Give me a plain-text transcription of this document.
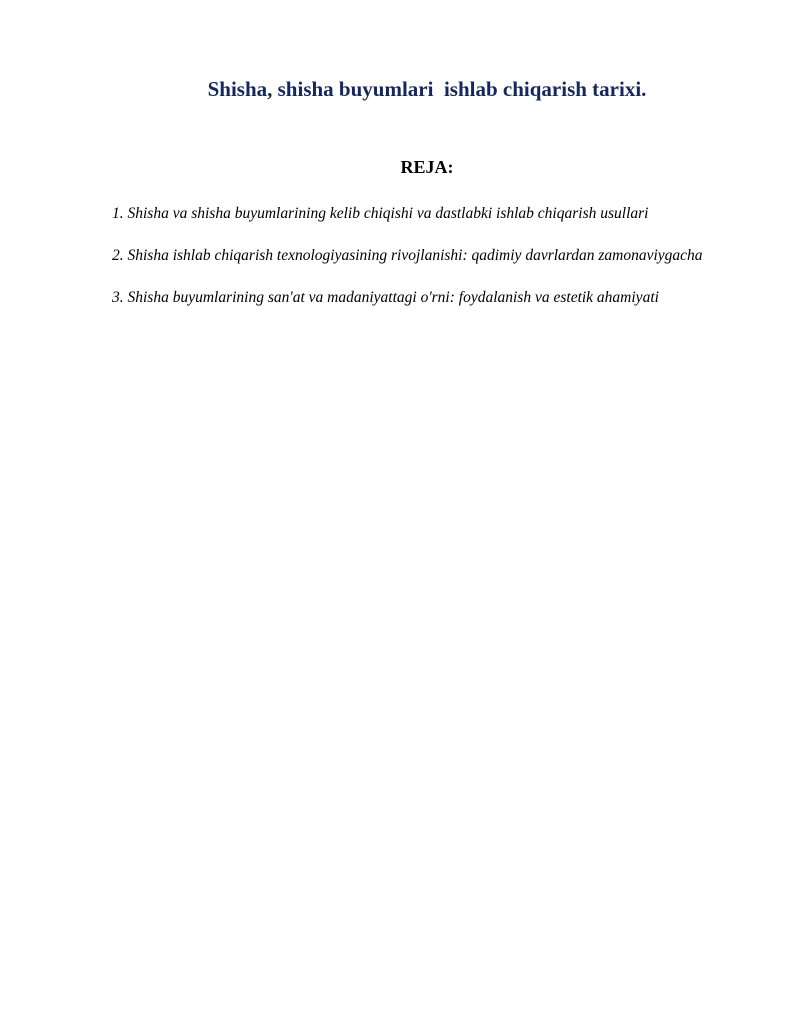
Shisha, shisha buyumlari  ishlab chiqarish tarixi.
REJA:
1. Shisha va shisha buyumlarining kelib chiqishi va dastlabki ishlab chiqarish usullari
2. Shisha ishlab chiqarish texnologiyasining rivojlanishi: qadimiy davrlardan zamonaviygacha
3. Shisha buyumlarining san'at va madaniyattagi o'rni: foydalanish va estetik ahamiyati
